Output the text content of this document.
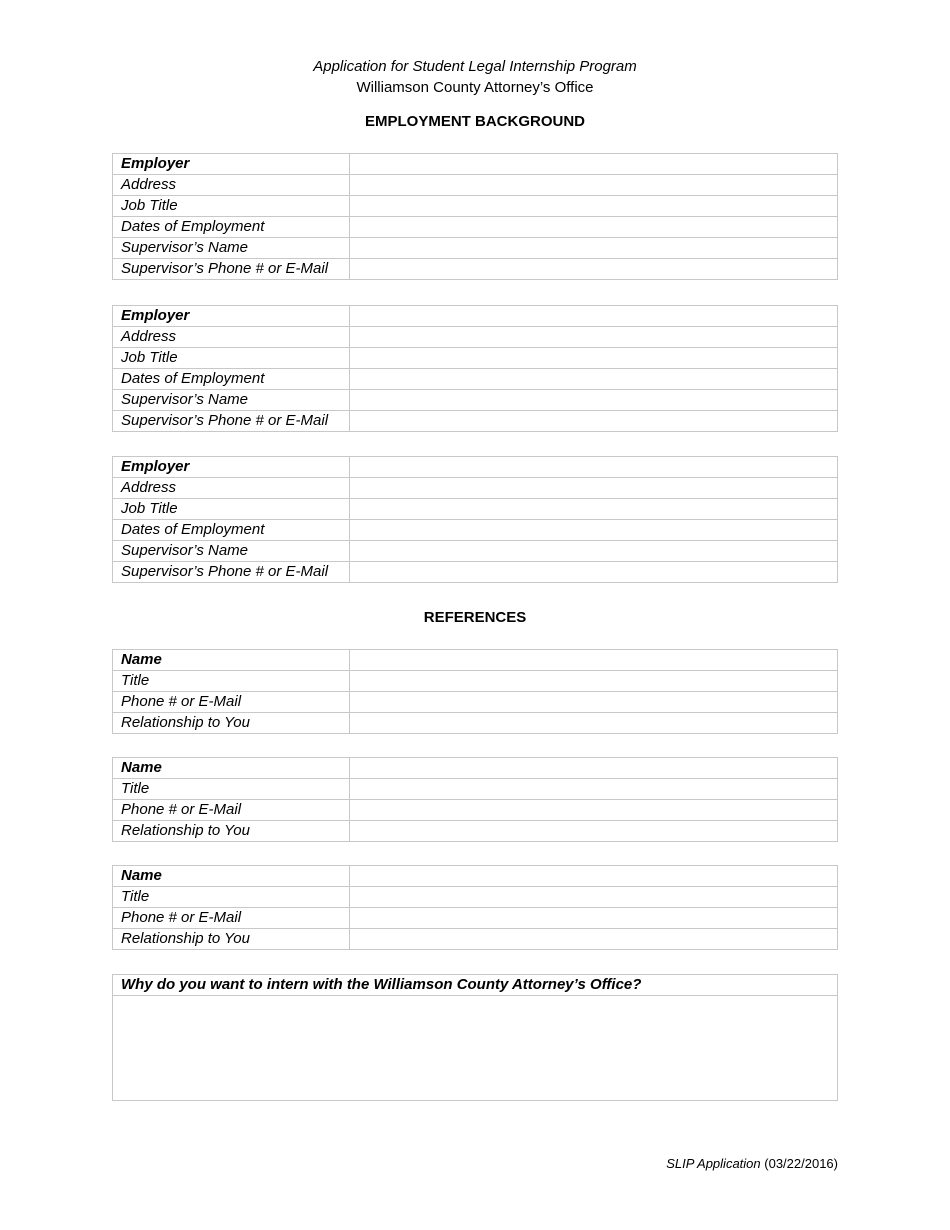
Application for Student Legal Internship Program
Williamson County Attorney’s Office
EMPLOYMENT BACKGROUND
Employer	
Address	
Job Title	
Dates of Employment	
Supervisor’s Name	
Supervisor’s Phone # or E-Mail	
Employer	
Address	
Job Title	
Dates of Employment	
Supervisor’s Name	
Supervisor’s Phone # or E-Mail	
Employer	
Address	
Job Title	
Dates of Employment	
Supervisor’s Name	
Supervisor’s Phone # or E-Mail	
REFERENCES
Name	
Title	
Phone # or E-Mail	
Relationship to You	
Name	
Title	
Phone # or E-Mail	
Relationship to You	
Name	
Title	
Phone # or E-Mail	
Relationship to You	
Why do you want to intern with the Williamson County Attorney’s Office?
SLIP Application (03/22/2016)
